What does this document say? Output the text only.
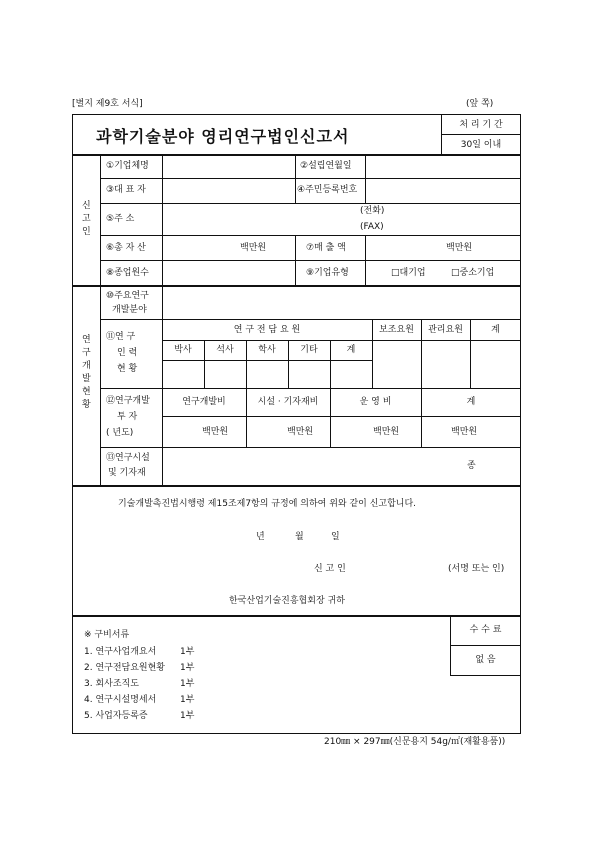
[별지 제9호 서식]	(앞 쪽)
과학기술분야 영리연구법인신고서
처 리 기 간
30일 이내
신
고
인
①기업체명	②설립연월일
③대 표 자	④주민등록번호
⑤주 소
(전화)
(FAX)
⑥총 자 산	백만원	⑦매 출 액	백만원
⑧종업원수	⑨기업유형	□대기업	□중소기업
연
구
개
발
현
황
⑩주요연구
개발분야
⑪연 구
인 력
현 황
연 구 전 담 요 원	보조요원	관리요원	계
박사	석사	학사	기타	계
⑫연구개발
투 자
( 년도)
연구개발비	시설 · 기자재비	운 영 비	계
백만원	백만원	백만원	백만원
⑬연구시설
및 기자재
종
기술개발촉진법시행령 제15조제7항의 규정에 의하여 위와 같이 신고합니다.
년	월	일
신 고 인	(서명 또는 인)
한국산업기술진흥협회장 귀하
※ 구비서류
1. 연구사업개요서	1부
2. 연구전담요원현황 1부
3. 회사조직도	1부
4. 연구시설명세서	1부
5. 사업자등록증	1부
수 수 료
없 음
210㎜ × 297㎜(신문용지 54g/㎡(재활용품))
